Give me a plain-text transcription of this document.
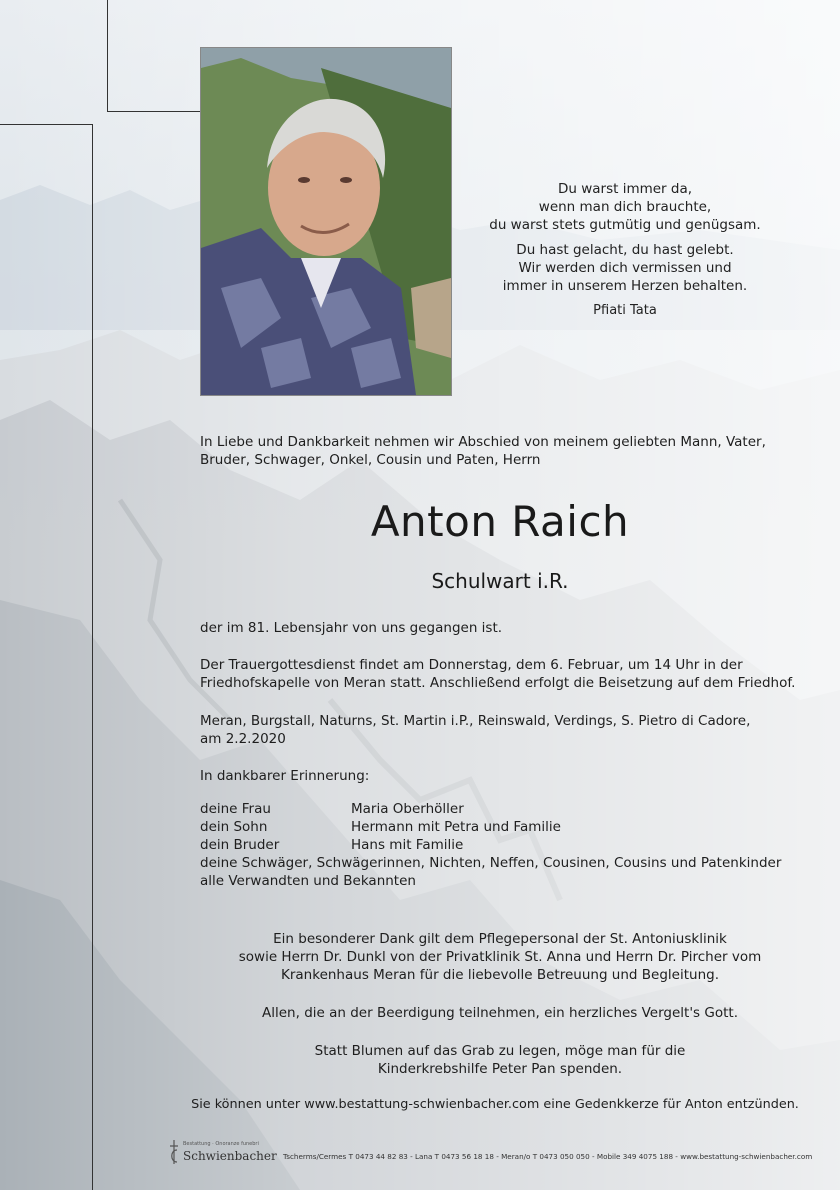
Du warst immer da,

wenn man dich brauchte,

du warst stets gutmütig und genügsam.

Du hast gelacht, du hast gelebt.

Wir werden dich vermissen und

immer in unserem Herzen behalten.

Pfiati Tata

In Liebe und Dankbarkeit nehmen wir Abschied von meinem geliebten Mann, Vater,
Bruder, Schwager, Onkel, Cousin und Paten, Herrn
Anton Raich
Schulwart i.R.
der im 81. Lebensjahr von uns gegangen ist.
Der Trauergottesdienst findet am Donnerstag, dem 6. Februar, um 14 Uhr in der
Friedhofskapelle von Meran statt. Anschließend erfolgt die Beisetzung auf dem Friedhof.
Meran, Burgstall, Naturns, St. Martin i.P., Reinswald, Verdings, S. Pietro di Cadore,
am 2.2.2020
In dankbarer Erinnerung:
deine Frau	Maria Oberhöller
dein Sohn	Hermann mit Petra und Familie
dein Bruder	Hans mit Familie
deine Schwäger, Schwägerinnen, Nichten, Neffen, Cousinen, Cousins und Patenkinder
alle Verwandten und Bekannten
Ein besonderer Dank gilt dem Pflegepersonal der St. Antoniusklinik
sowie Herrn Dr. Dunkl von der Privatklinik St. Anna und Herrn Dr. Pircher vom
Krankenhaus Meran für die liebevolle Betreuung und Begleitung.
Allen, die an der Beerdigung teilnehmen, ein herzliches Vergelt's Gott.
Statt Blumen auf das Grab zu legen, möge man für die
Kinderkrebshilfe Peter Pan spenden.
Sie können unter www.bestattung-schwienbacher.com eine Gedenkkerze für Anton entzünden.
Bestattung · Onoranze funebri
Schwienbacher Tscherms/Cermes T 0473 44 82 83 - Lana T 0473 56 18 18 - Meran/o T 0473 050 050 - Mobile 349 4075 188 - www.bestattung-schwienbacher.com
